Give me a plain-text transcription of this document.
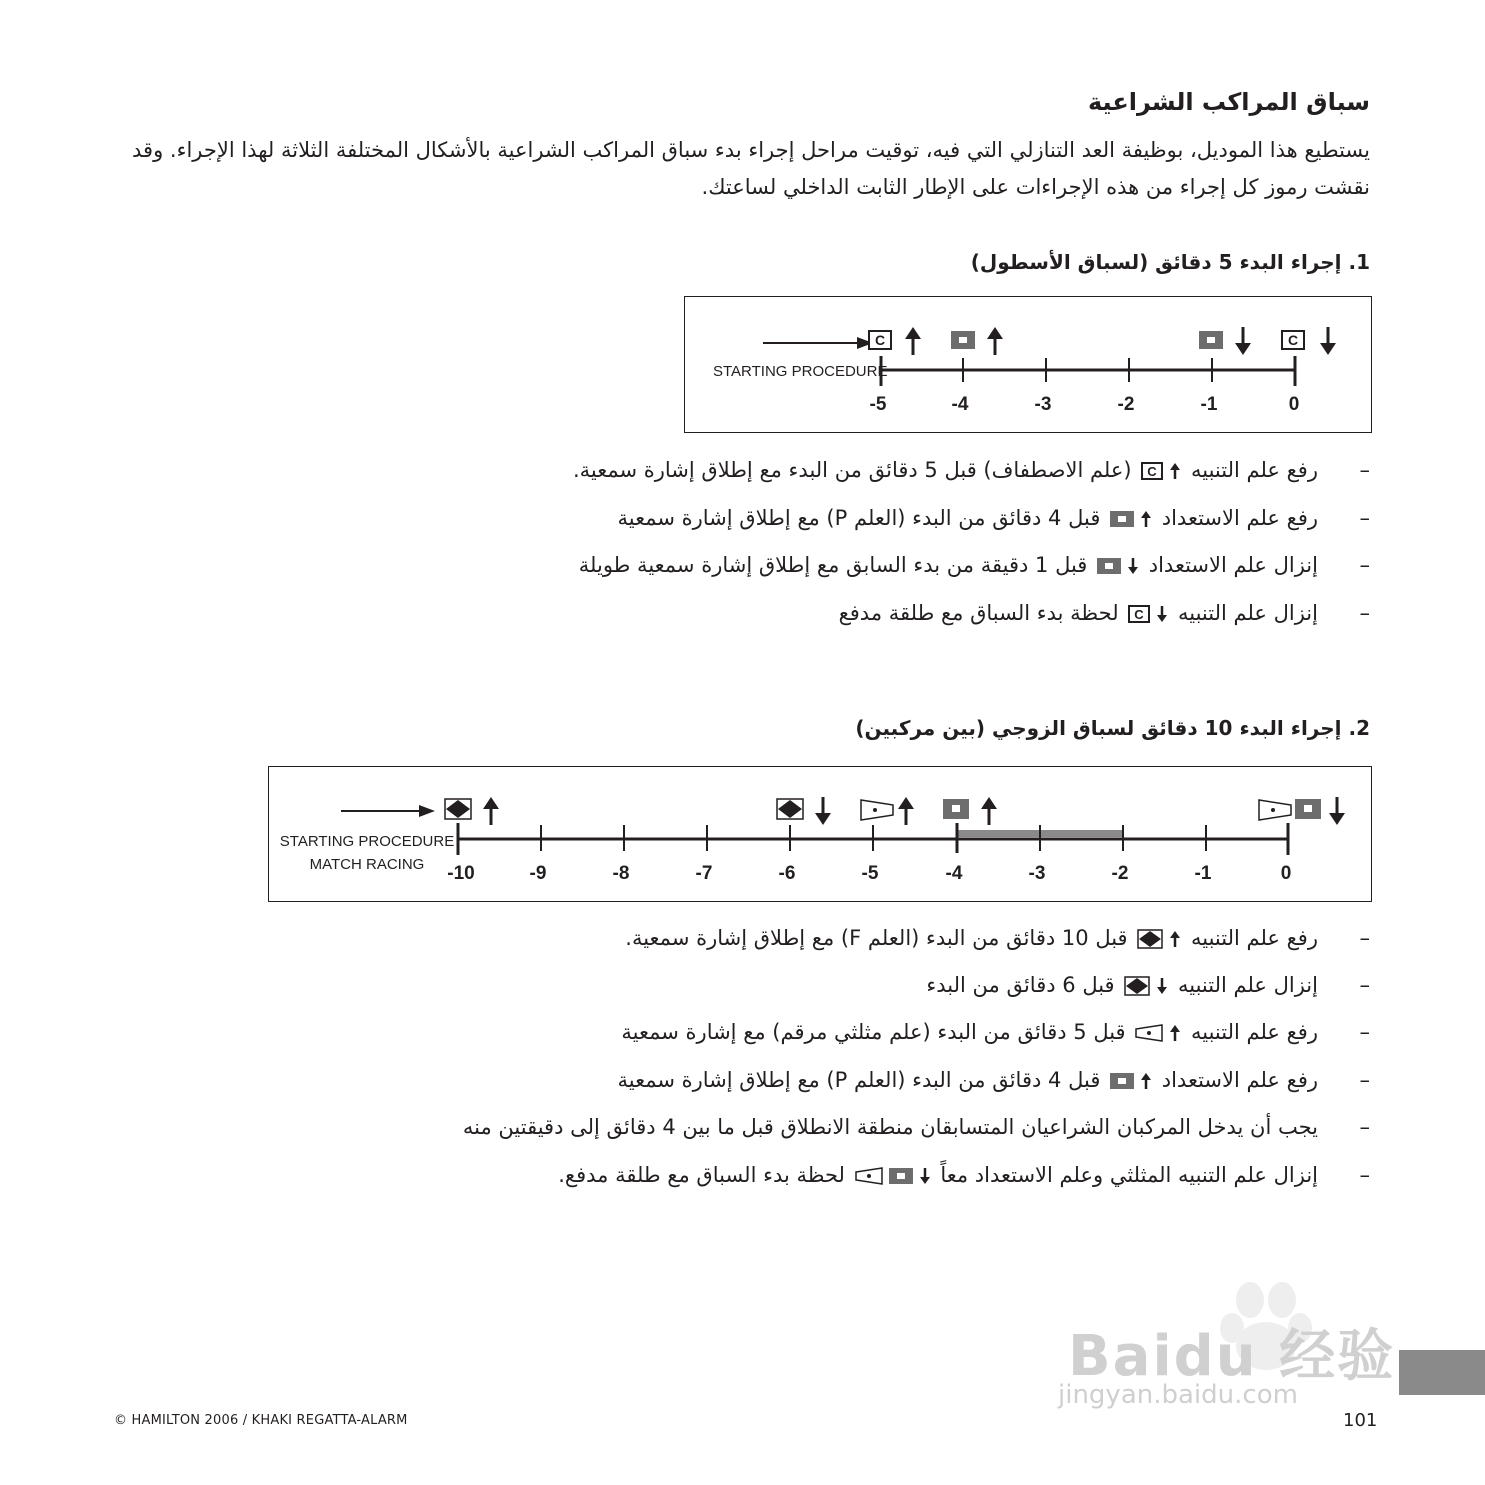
سباق المراكب الشراعية
يستطيع هذا الموديل، بوظيفة العد التنازلي التي فيه، توقيت مراحل إجراء بدء سباق المراكب الشراعية بالأشكال المختلفة الثلاثة لهذا الإجراء. وقد نقشت رموز كل إجراء من هذه الإجراءات على الإطار الثابت الداخلي لساعتك.
1. إجراء البدء 5 دقائق (لسباق الأسطول)
STARTING PROCEDURE
-5	-4	-3	-2	-1	0
C	C
–رفع علم التنبيه
C
(علم الاصطفاف) قبل 5 دقائق من البدء مع إطلاق إشارة سمعية.
–رفع علم الاستعداد  قبل 4 دقائق من البدء (العلم P) مع إطلاق إشارة سمعية
–إنزال علم الاستعداد  قبل 1 دقيقة من بدء السابق مع إطلاق إشارة سمعية طويلة
–إنزال علم التنبيه
C
لحظة بدء السباق مع طلقة مدفع
2. إجراء البدء 10 دقائق لسباق الزوجي (بين مركبين)
STARTING PROCEDURE
MATCH RACING -10	-9	-8	-7	-6	-5	-4	-3	-2	-1	0
–رفع علم التنبيه  قبل 10 دقائق من البدء (العلم F) مع إطلاق إشارة سمعية.
–إنزال علم التنبيه  قبل 6 دقائق من البدء
–رفع علم التنبيه  قبل 5 دقائق من البدء (علم مثلثي مرقم) مع إشارة سمعية
–رفع علم الاستعداد  قبل 4 دقائق من البدء (العلم P) مع إطلاق إشارة سمعية
–يجب أن يدخل المركبان الشراعيان المتسابقان منطقة الانطلاق قبل ما بين 4 دقائق إلى دقيقتين منه
–إنزال علم التنبيه المثلثي وعلم الاستعداد معاً  لحظة بدء السباق مع طلقة مدفع.
Baidu 经验
jingyan.baidu.com
© HAMILTON 2006 / KHAKI REGATTA-ALARM	101
